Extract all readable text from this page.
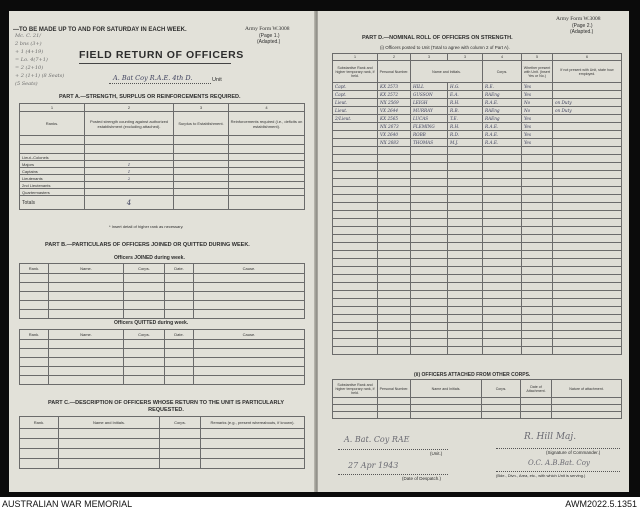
—TO BE MADE UP TO AND FOR SATURDAY IN EACH WEEK.	Army Form W.3008
(Page 1.)
(Adapted.)
Mc. C. 21/
2 bns (3+)
+ 1 (4+19)
= Lo. 4(7+1)
= 2 (2+10)
+ 2 (1+1) (8 Seats)
(5 Seats)
FIELD RETURN OF OFFICERS
A. Bat Coy R.A.E. 4th D.	Unit
PART A.—STRENGTH, SURPLUS OR REINFORCEMENTS REQUIRED.
1	2	3	4
Ranks.	Posted strength counting against authorized establishment (excluding attached).	Surplus to Establishment.	Reinforcements required (i.e., deficits on establishment).

Lieut.-Colonels			
Majors	1		
Captains	1		
Lieutenants	2		
2nd Lieutenants			
Quartermasters			
Totals	4		
* Insert detail of higher rank as necessary.
PART B.—PARTICULARS OF OFFICERS JOINED OR QUITTED DURING WEEK.
Officers JOINED during week.
Rank.	Name.	Corps.	Date.	Cause.

Officers QUITTED during week.
Rank.	Name.	Corps.	Date.	Cause.

PART C.—DESCRIPTION OF OFFICERS WHOSE RETURN TO THE UNIT IS PARTICULARLY REQUESTED.
Rank.	Name and Initials.	Corps.	Remarks (e.g., present whereabouts, if known).

Army Form W.3008
(Page 2.)
(Adapted.)
PART D.—NOMINAL ROLL OF OFFICERS ON STRENGTH.
(i) Officers posted to Unit (Total to agree with column 2 of Part A).
1	2	3	3	4	5	6
Substantive Rank and higher temporary rank, if held.	Personal Number.	Name and Initials.		Corps.	Whether present with Unit. (Insert Yes or No.)	If not present with Unit, state how employed.
Capt.	KX 2573	HILL	H.G.	R.E.	Yes	
Capt.	KX 2572	GUSSON	E.A.	RAEng	Yes	
Lieut.	NX 2569	LEIGH	R.H.	R.A.E.	No	on Duty
Lieut.	VX 2644	MURRAY	R.B.	RAEng	No	on Duty
2/Lieut.	KX 2565	LUCAS	T.E.	RAEng	Yes	
	NX 2673	FLEMING	R.H.	R.A.E.	Yes	
	VX 2640	ROBB	R.D.	R.A.E.	Yes	
	NX 2683	THOMAS	M.J.	R.A.E.	Yes	

(ii) OFFICERS ATTACHED FROM OTHER CORPS.
Substantive Rank and higher temporary rank, if held.	Personal Number.	Name and Initials.	Corps.	Date of Attachment.	Nature of attachment.

A. Bat. Coy RAE
(Unit.)
27 Apr 1943
(Date of Despatch.)
R. Hill Maj.
(Signature of Commander.)
O.C. A.B.Bat. Coy
(Bde., Divn., Area, etc., with which Unit is serving.)
AUSTRALIAN WAR MEMORIAL	AWM2022.5.1351
